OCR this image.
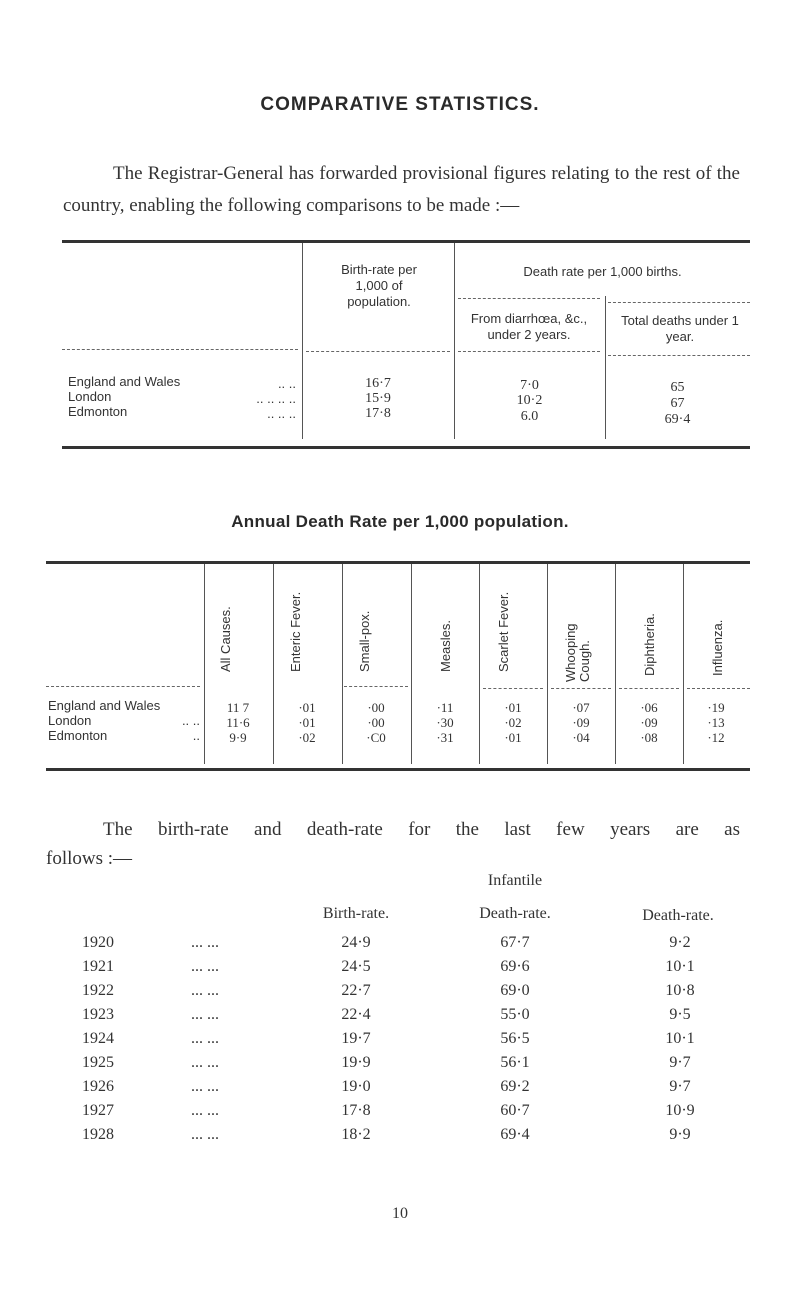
COMPARATIVE STATISTICS.
The Registrar-General has forwarded provisional figures relating to the rest of the country, enabling the following comparisons to be made :—
Birth-rate per 1,000 of population.
Death rate per 1,000 births.
From diarrhœa, &c., under 2 years.
Total deaths under 1 year.
England and Wales	.. ..	16·7	7·0	65
London	.. .. .. ..	15·9	10·2	67
Edmonton	.. .. ..	17·8	6.0	69·4
Annual Death Rate per 1,000 population.
All Causes.	Enteric Fever.	Small-pox.	Measles.	Scarlet Fever.	Whooping Cough.	Diphtheria.	Influenza.
England and Wales	11 7	·01	·00	·11	·01	·07	·06	·19
London	.. ..	11·6	·01	·00	·30	·02	·09	·09	·13
Edmonton	..	9·9	·02	·C0	·31	·01	·04	·08	·12
The birth-rate and death-rate for the last few years are as
follows :—
Birth-rate.
Infantile
Death-rate.	Death-rate.
1920	... ...	24·9	67·7	9·2
1921	... ...	24·5	69·6	10·1
1922	... ...	22·7	69·0	10·8
1923	... ...	22·4	55·0	9·5
1924	... ...	19·7	56·5	10·1
1925	... ...	19·9	56·1	9·7
1926	... ...	19·0	69·2	9·7
1927	... ...	17·8	60·7	10·9
1928	... ...	18·2	69·4	9·9
10
